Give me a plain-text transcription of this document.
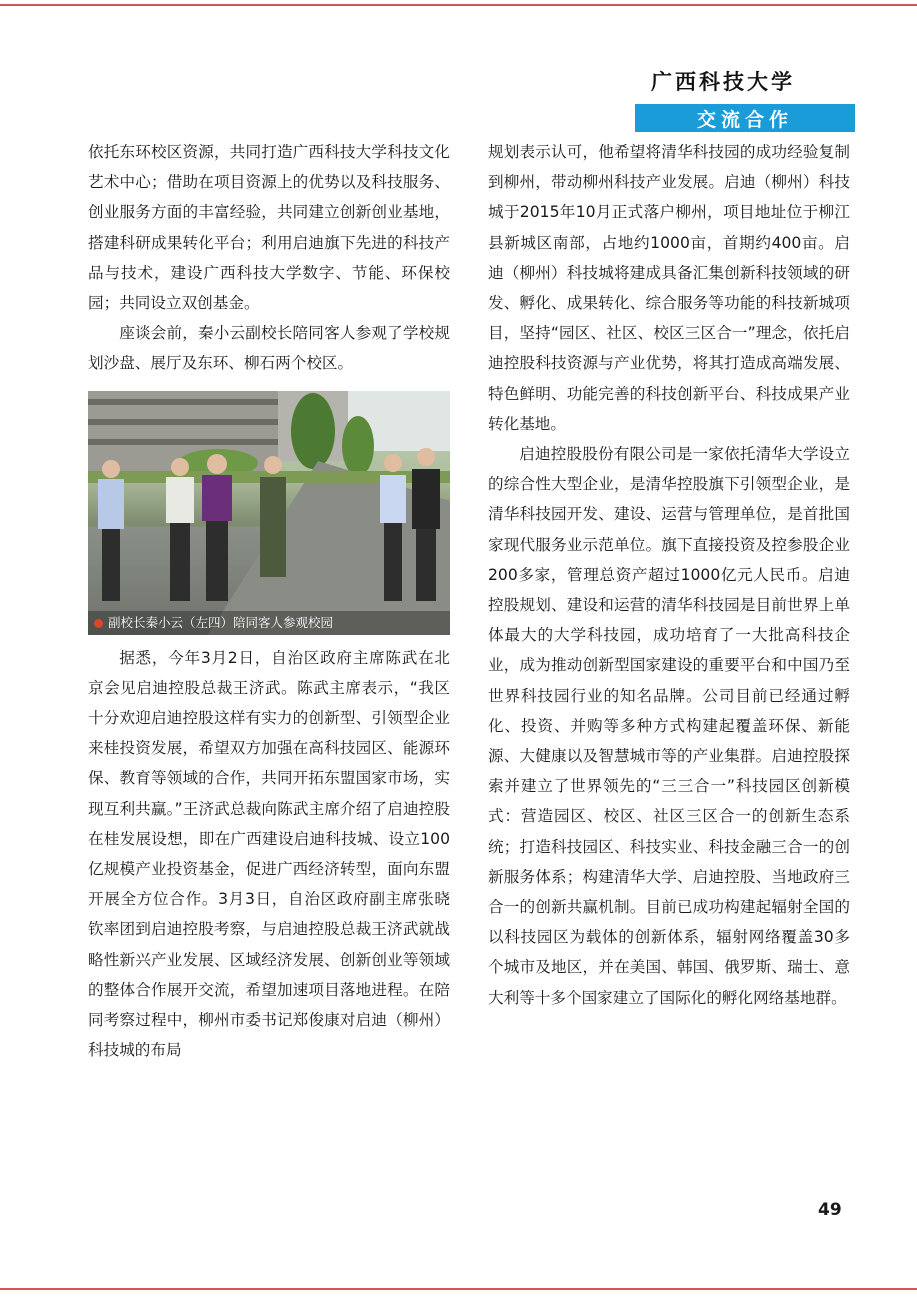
广西科技大学
交流合作

依托东环校区资源，共同打造广西科技大学科技文化艺术中心；借助在项目资源上的优势以及科技服务、创业服务方面的丰富经验，共同建立创新创业基地，搭建科研成果转化平台；利用启迪旗下先进的科技产品与技术，建设广西科技大学数字、节能、环保校园；共同设立双创基金。

座谈会前，秦小云副校长陪同客人参观了学校规划沙盘、展厅及东环、柳石两个校区。

副校长秦小云（左四）陪同客人参观校园

据悉，今年3月2日，自治区政府主席陈武在北京会见启迪控股总裁王济武。陈武主席表示，“我区十分欢迎启迪控股这样有实力的创新型、引领型企业来桂投资发展，希望双方加强在高科技园区、能源环保、教育等领域的合作，共同开拓东盟国家市场，实现互利共赢。”王济武总裁向陈武主席介绍了启迪控股在桂发展设想，即在广西建设启迪科技城、设立100亿规模产业投资基金，促进广西经济转型，面向东盟开展全方位合作。3月3日，自治区政府副主席张晓钦率团到启迪控股考察，与启迪控股总裁王济武就战略性新兴产业发展、区域经济发展、创新创业等领域的整体合作展开交流，希望加速项目落地进程。在陪同考察过程中，柳州市委书记郑俊康对启迪（柳州）科技城的布局

规划表示认可，他希望将清华科技园的成功经验复制到柳州，带动柳州科技产业发展。启迪（柳州）科技城于2015年10月正式落户柳州，项目地址位于柳江县新城区南部，占地约1000亩，首期约400亩。启迪（柳州）科技城将建成具备汇集创新科技领域的研发、孵化、成果转化、综合服务等功能的科技新城项目，坚持“园区、社区、校区三区合一”理念，依托启迪控股科技资源与产业优势，将其打造成高端发展、特色鲜明、功能完善的科技创新平台、科技成果产业转化基地。

启迪控股股份有限公司是一家依托清华大学设立的综合性大型企业，是清华控股旗下引领型企业，是清华科技园开发、建设、运营与管理单位，是首批国家现代服务业示范单位。旗下直接投资及控参股企业200多家，管理总资产超过1000亿元人民币。启迪控股规划、建设和运营的清华科技园是目前世界上单体最大的大学科技园，成功培育了一大批高科技企业，成为推动创新型国家建设的重要平台和中国乃至世界科技园行业的知名品牌。公司目前已经通过孵化、投资、并购等多种方式构建起覆盖环保、新能源、大健康以及智慧城市等的产业集群。启迪控股探索并建立了世界领先的“三三合一”科技园区创新模式：营造园区、校区、社区三区合一的创新生态系统；打造科技园区、科技实业、科技金融三合一的创新服务体系；构建清华大学、启迪控股、当地政府三合一的创新共赢机制。目前已成功构建起辐射全国的以科技园区为载体的创新体系，辐射网络覆盖30多个城市及地区，并在美国、韩国、俄罗斯、瑞士、意大利等十多个国家建立了国际化的孵化网络基地群。

49
